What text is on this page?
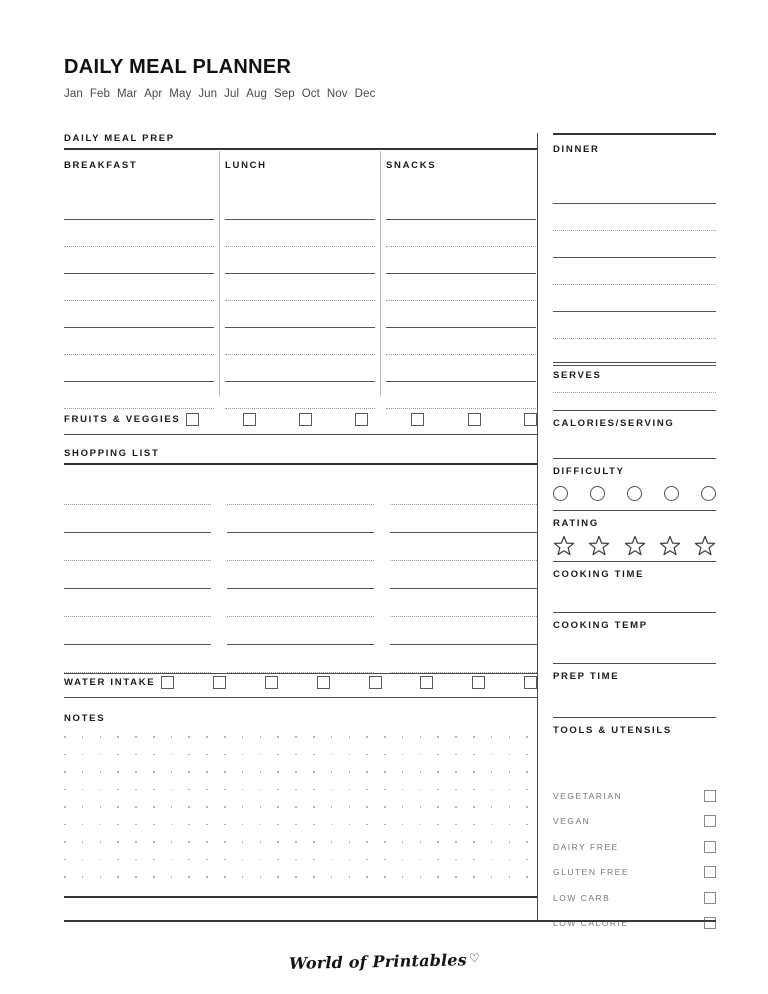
DAILY MEAL PLANNER
Jan Feb Mar Apr May Jun Jul Aug Sep Oct Nov Dec
DAILY MEAL PREP
BREAKFAST	LUNCH	SNACKS
FRUITS & VEGGIES
SHOPPING LIST
WATER INTAKE
NOTES
DINNER
SERVES
CALORIES/SERVING
DIFFICULTY
RATING
COOKING TIME
COOKING TEMP
PREP TIME
TOOLS & UTENSILS
VEGETARIAN
VEGAN
DAIRY FREE
GLUTEN FREE
LOW CARB
LOW CALORIE
World of Printables ♡
